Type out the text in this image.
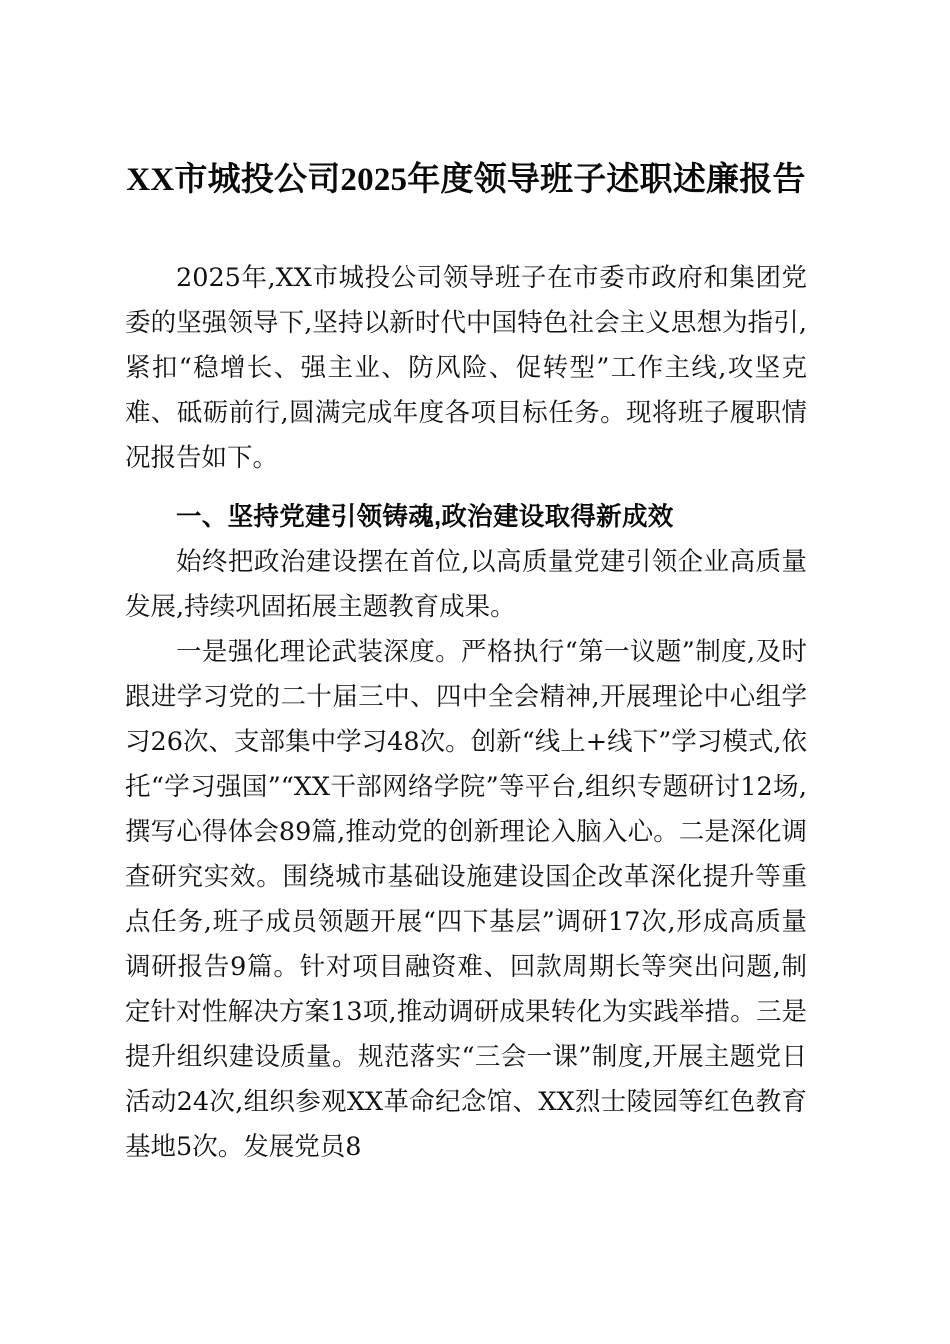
XX市城投公司2025年度领导班子述职述廉报告

2025年,XX市城投公司领导班子在市委市政府和集团党委的坚强领导下,坚持以新时代中国特色社会主义思想为指引,紧扣“稳增长、强主业、防风险、促转型”工作主线,攻坚克难、砥砺前行,圆满完成年度各项目标任务。现将班子履职情况报告如下。

一、坚持党建引领铸魂,政治建设取得新成效

始终把政治建设摆在首位,以高质量党建引领企业高质量发展,持续巩固拓展主题教育成果。

一是强化理论武装深度。严格执行“第一议题”制度,及时跟进学习党的二十届三中、四中全会精神,开展理论中心组学习26次、支部集中学习48次。创新“线上+线下”学习模式,依托“学习强国”“XX干部网络学院”等平台,组织专题研讨12场,撰写心得体会89篇,推动党的创新理论入脑入心。二是深化调查研究实效。围绕城市基础设施建设国企改革深化提升等重点任务,班子成员领题开展“四下基层”调研17次,形成高质量调研报告9篇。针对项目融资难、回款周期长等突出问题,制定针对性解决方案13项,推动调研成果转化为实践举措。三是提升组织建设质量。规范落实“三会一课”制度,开展主题党日活动24次,组织参观XX革命纪念馆、XX烈士陵园等红色教育基地5次。发展党员8
